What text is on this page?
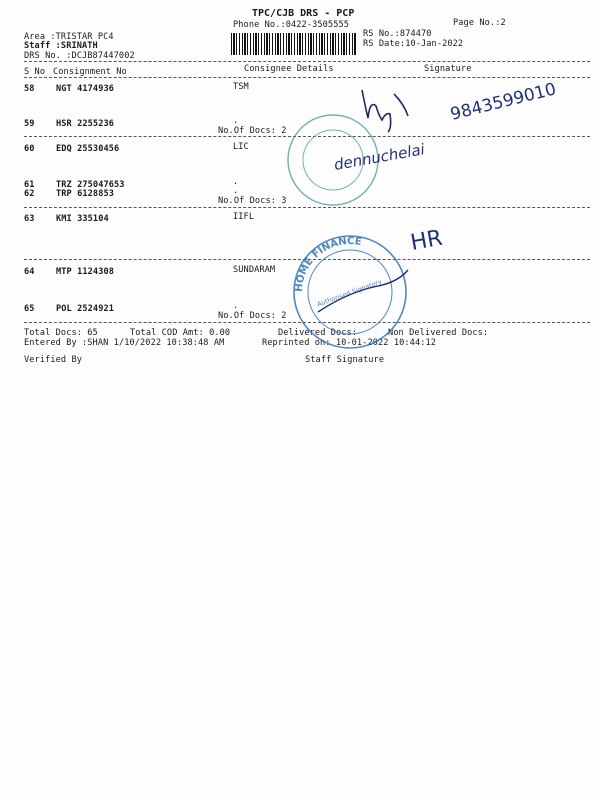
TPC/CJB DRS - PCP
Phone No.:0422-3505555	Page No.:2
Area :TRISTAR PC4
Staff :SRINATH
DRS No. :DCJB87447002
RS No.:874470
RS Date:10-Jan-2022
S No Consignment No	Consignee Details	Signature
58 NGT 4174936	TSM
59 HSR 2255236	.
No.Of Docs: 2
60 EDQ 25530456	LIC
61 TRZ 275047653	.
62 TRP 6128853	.
No.Of Docs: 3
63 KMI 335104	IIFL
64 MTP 1124308	SUNDARAM
65 POL 2524921	.
No.Of Docs: 2
Total Docs: 65	Total COD Amt: 0.00	Delivered Docs:	Non Delivered Docs:
Entered By :SHAN 1/10/2022 10:38:48 AM	Reprinted on: 10-01-2022 10:44:12
Verified By	Staff Signature
9843599010
dennuchelai
HR
HOME FINANCE
Authorised Signatory
